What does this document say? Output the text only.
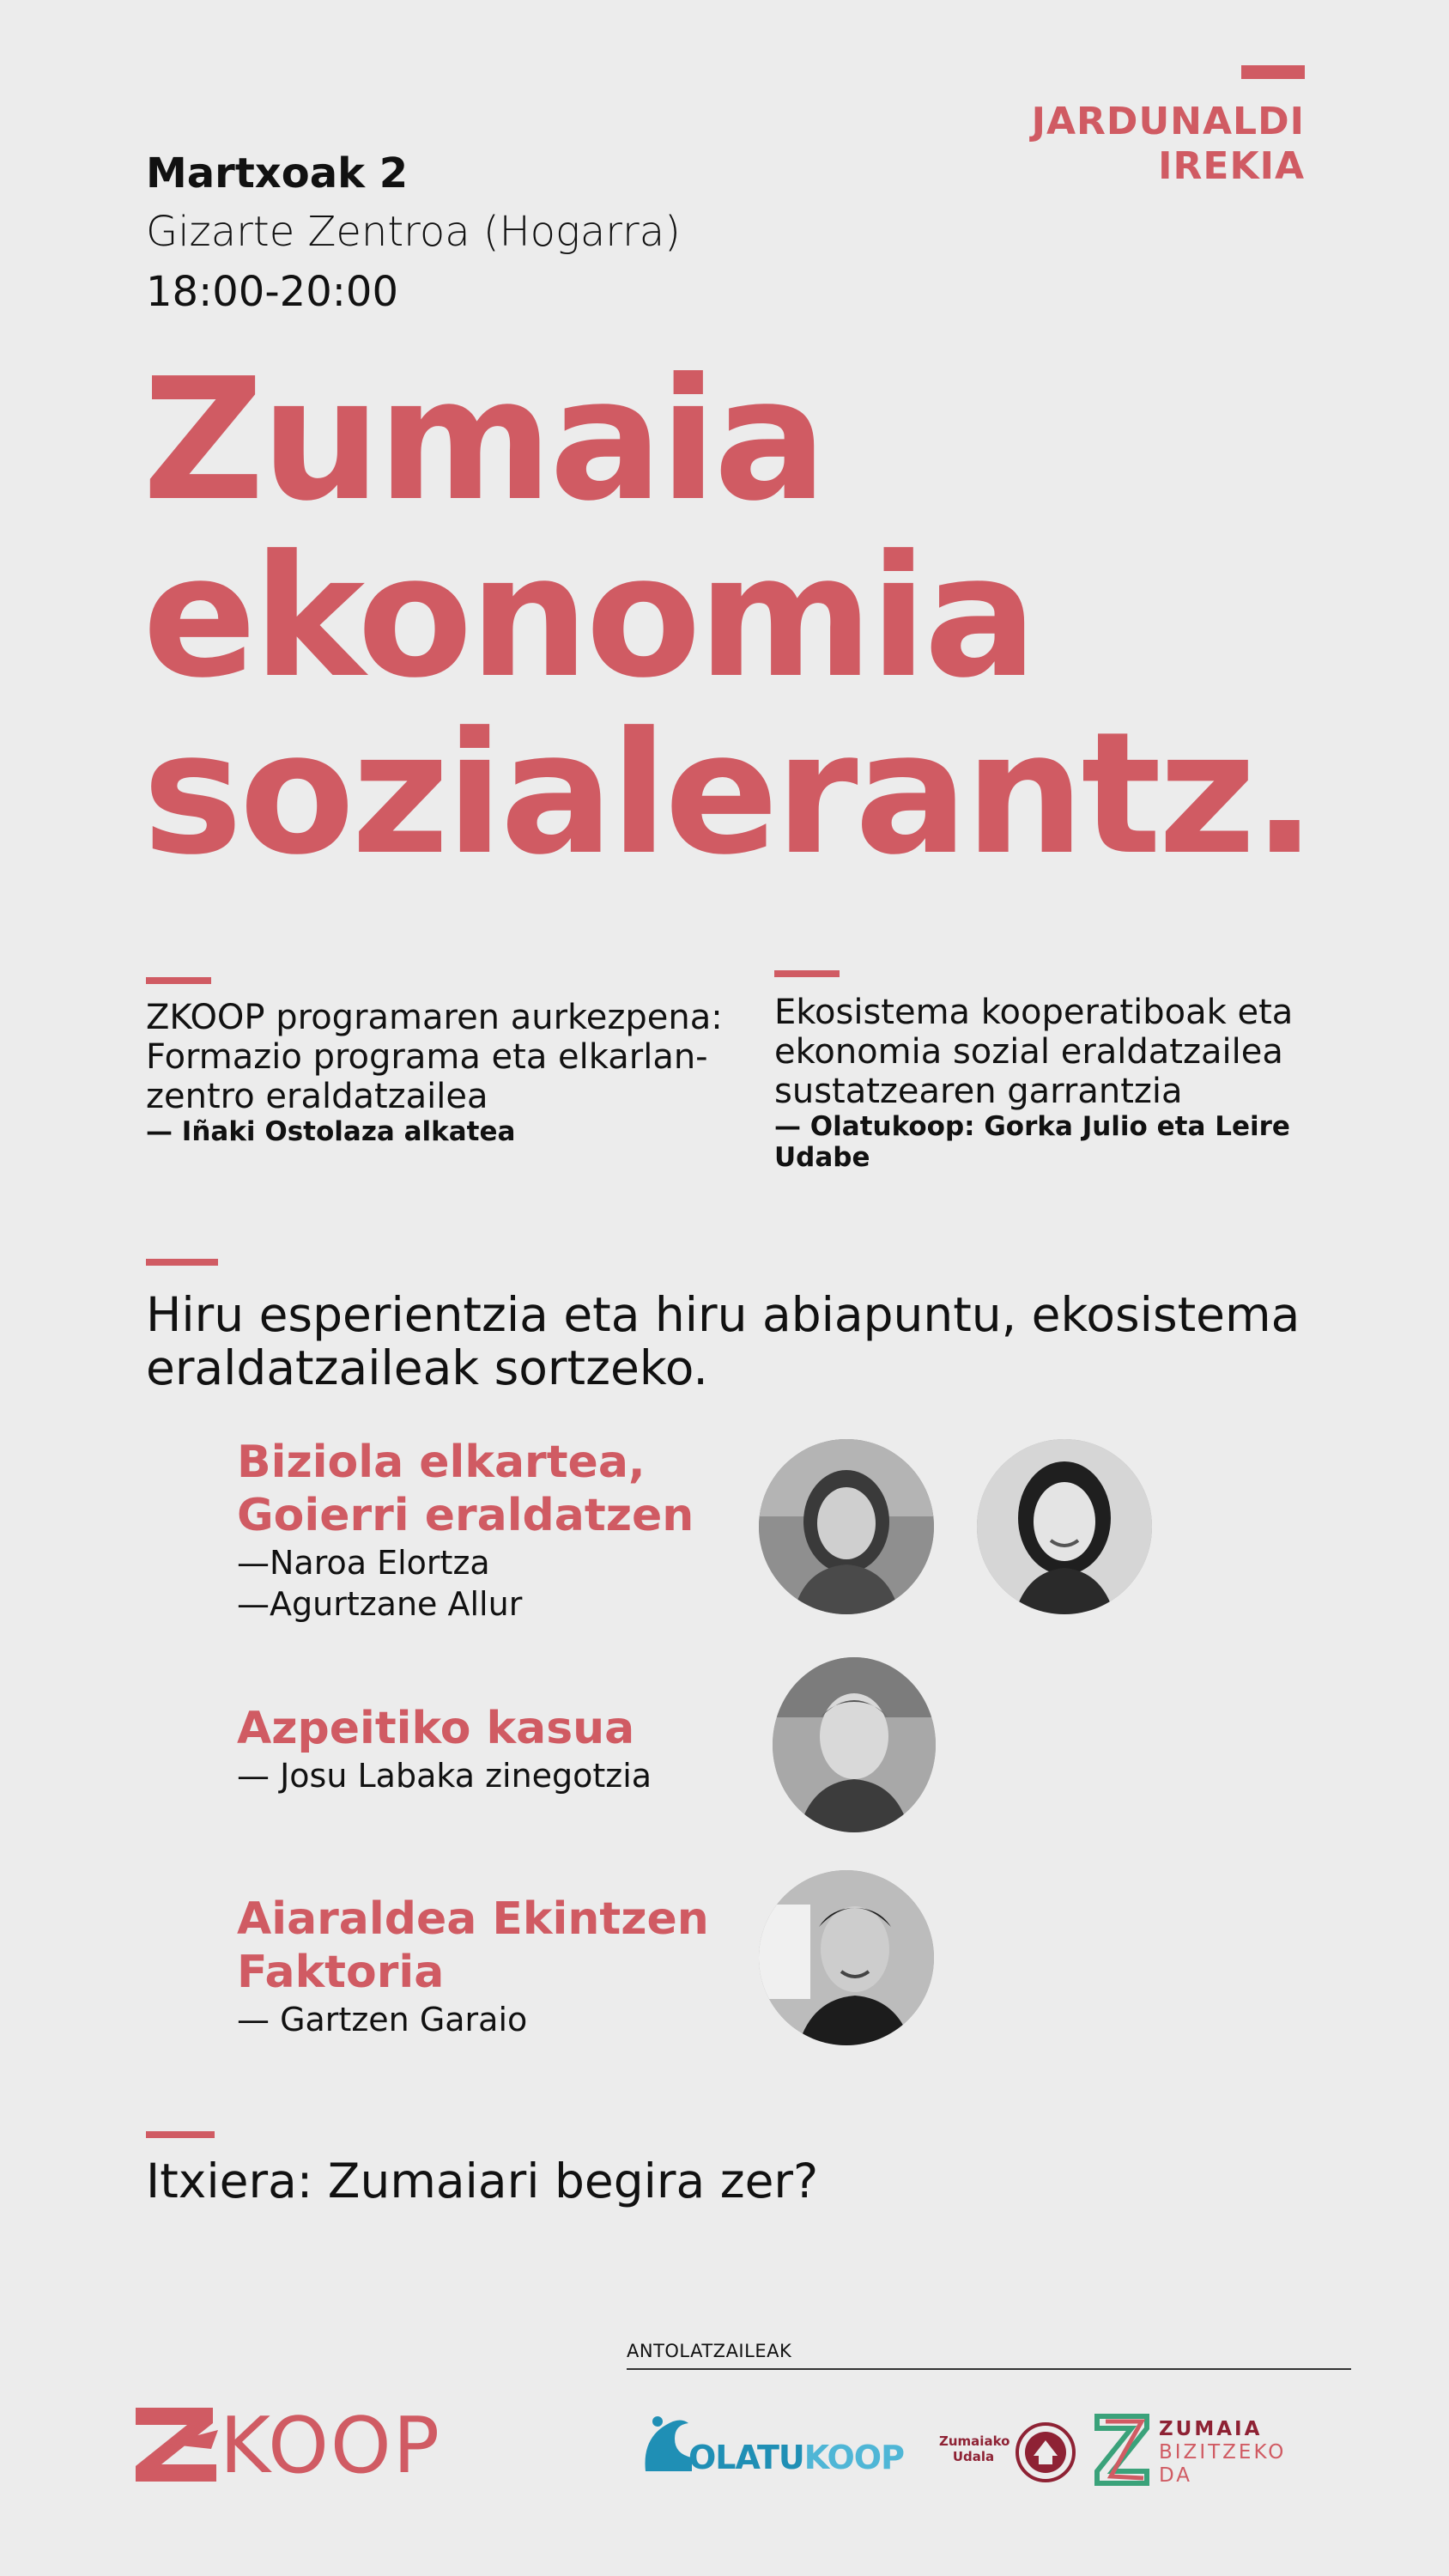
JARDUNALDI
IREKIA
Martxoak 2
Gizarte Zentroa (Hogarra)
18:00-20:00
Zumaia
ekonomia
sozialerantz.
ZKOOP programaren aurkezpena:
Formazio programa eta elkarlan-
zentro eraldatzailea
— Iñaki Ostolaza alkatea
Ekosistema kooperatiboak eta
ekonomia sozial eraldatzailea
sustatzearen garrantzia
— Olatukoop: Gorka Julio eta Leire
Udabe
Hiru esperientzia eta hiru abiapuntu, ekosistema
eraldatzaileak sortzeko.
Biziola elkartea,
Goierri eraldatzen
—Naroa Elortza
—Agurtzane Allur
Azpeitiko kasua
— Josu Labaka zinegotzia
Aiaraldea Ekintzen
Faktoria
— Gartzen Garaio
Itxiera: Zumaiari begira zer?
ANTOLATZAILEAK
KOOP	OLATUKOOP	Zumaiako
Udala
ZUMAIA
BIZITZEKO
DA
